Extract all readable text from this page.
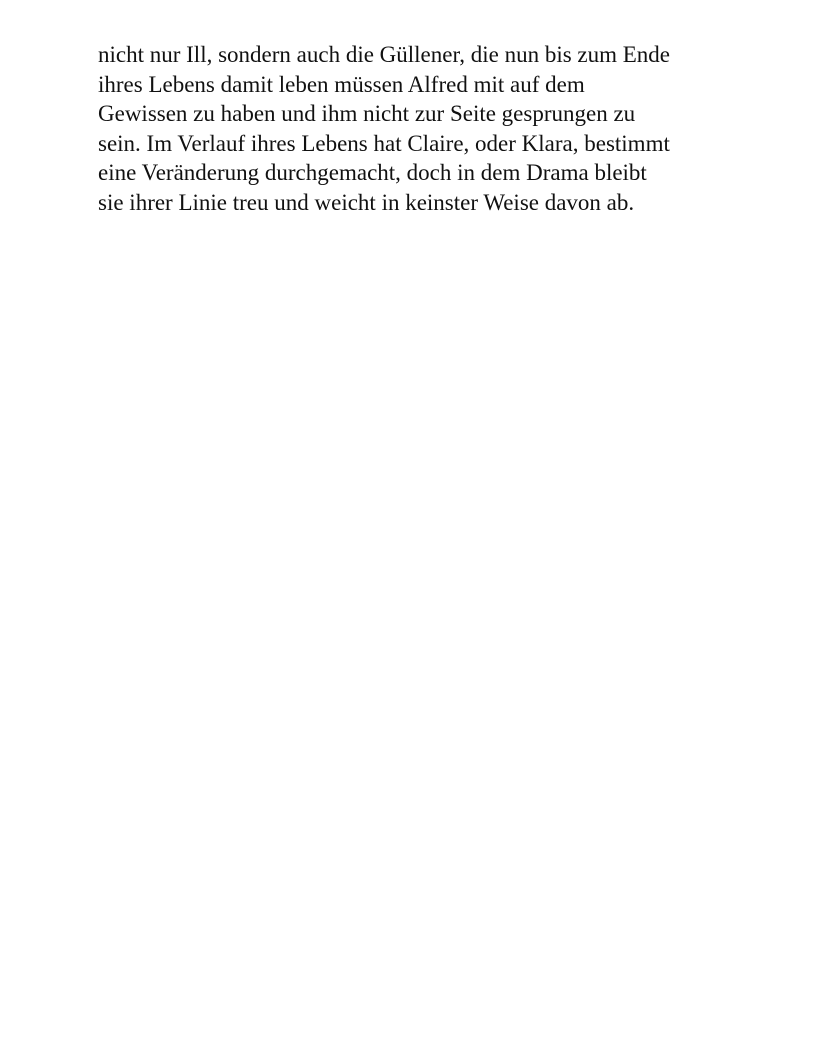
nicht nur Ill, sondern auch die Güllener, die nun bis zum Ende
ihres Lebens damit leben müssen Alfred mit auf dem
Gewissen zu haben und ihm nicht zur Seite gesprungen zu
sein. Im Verlauf ihres Lebens hat Claire, oder Klara, bestimmt
eine Veränderung durchgemacht, doch in dem Drama bleibt
sie ihrer Linie treu und weicht in keinster Weise davon ab.
